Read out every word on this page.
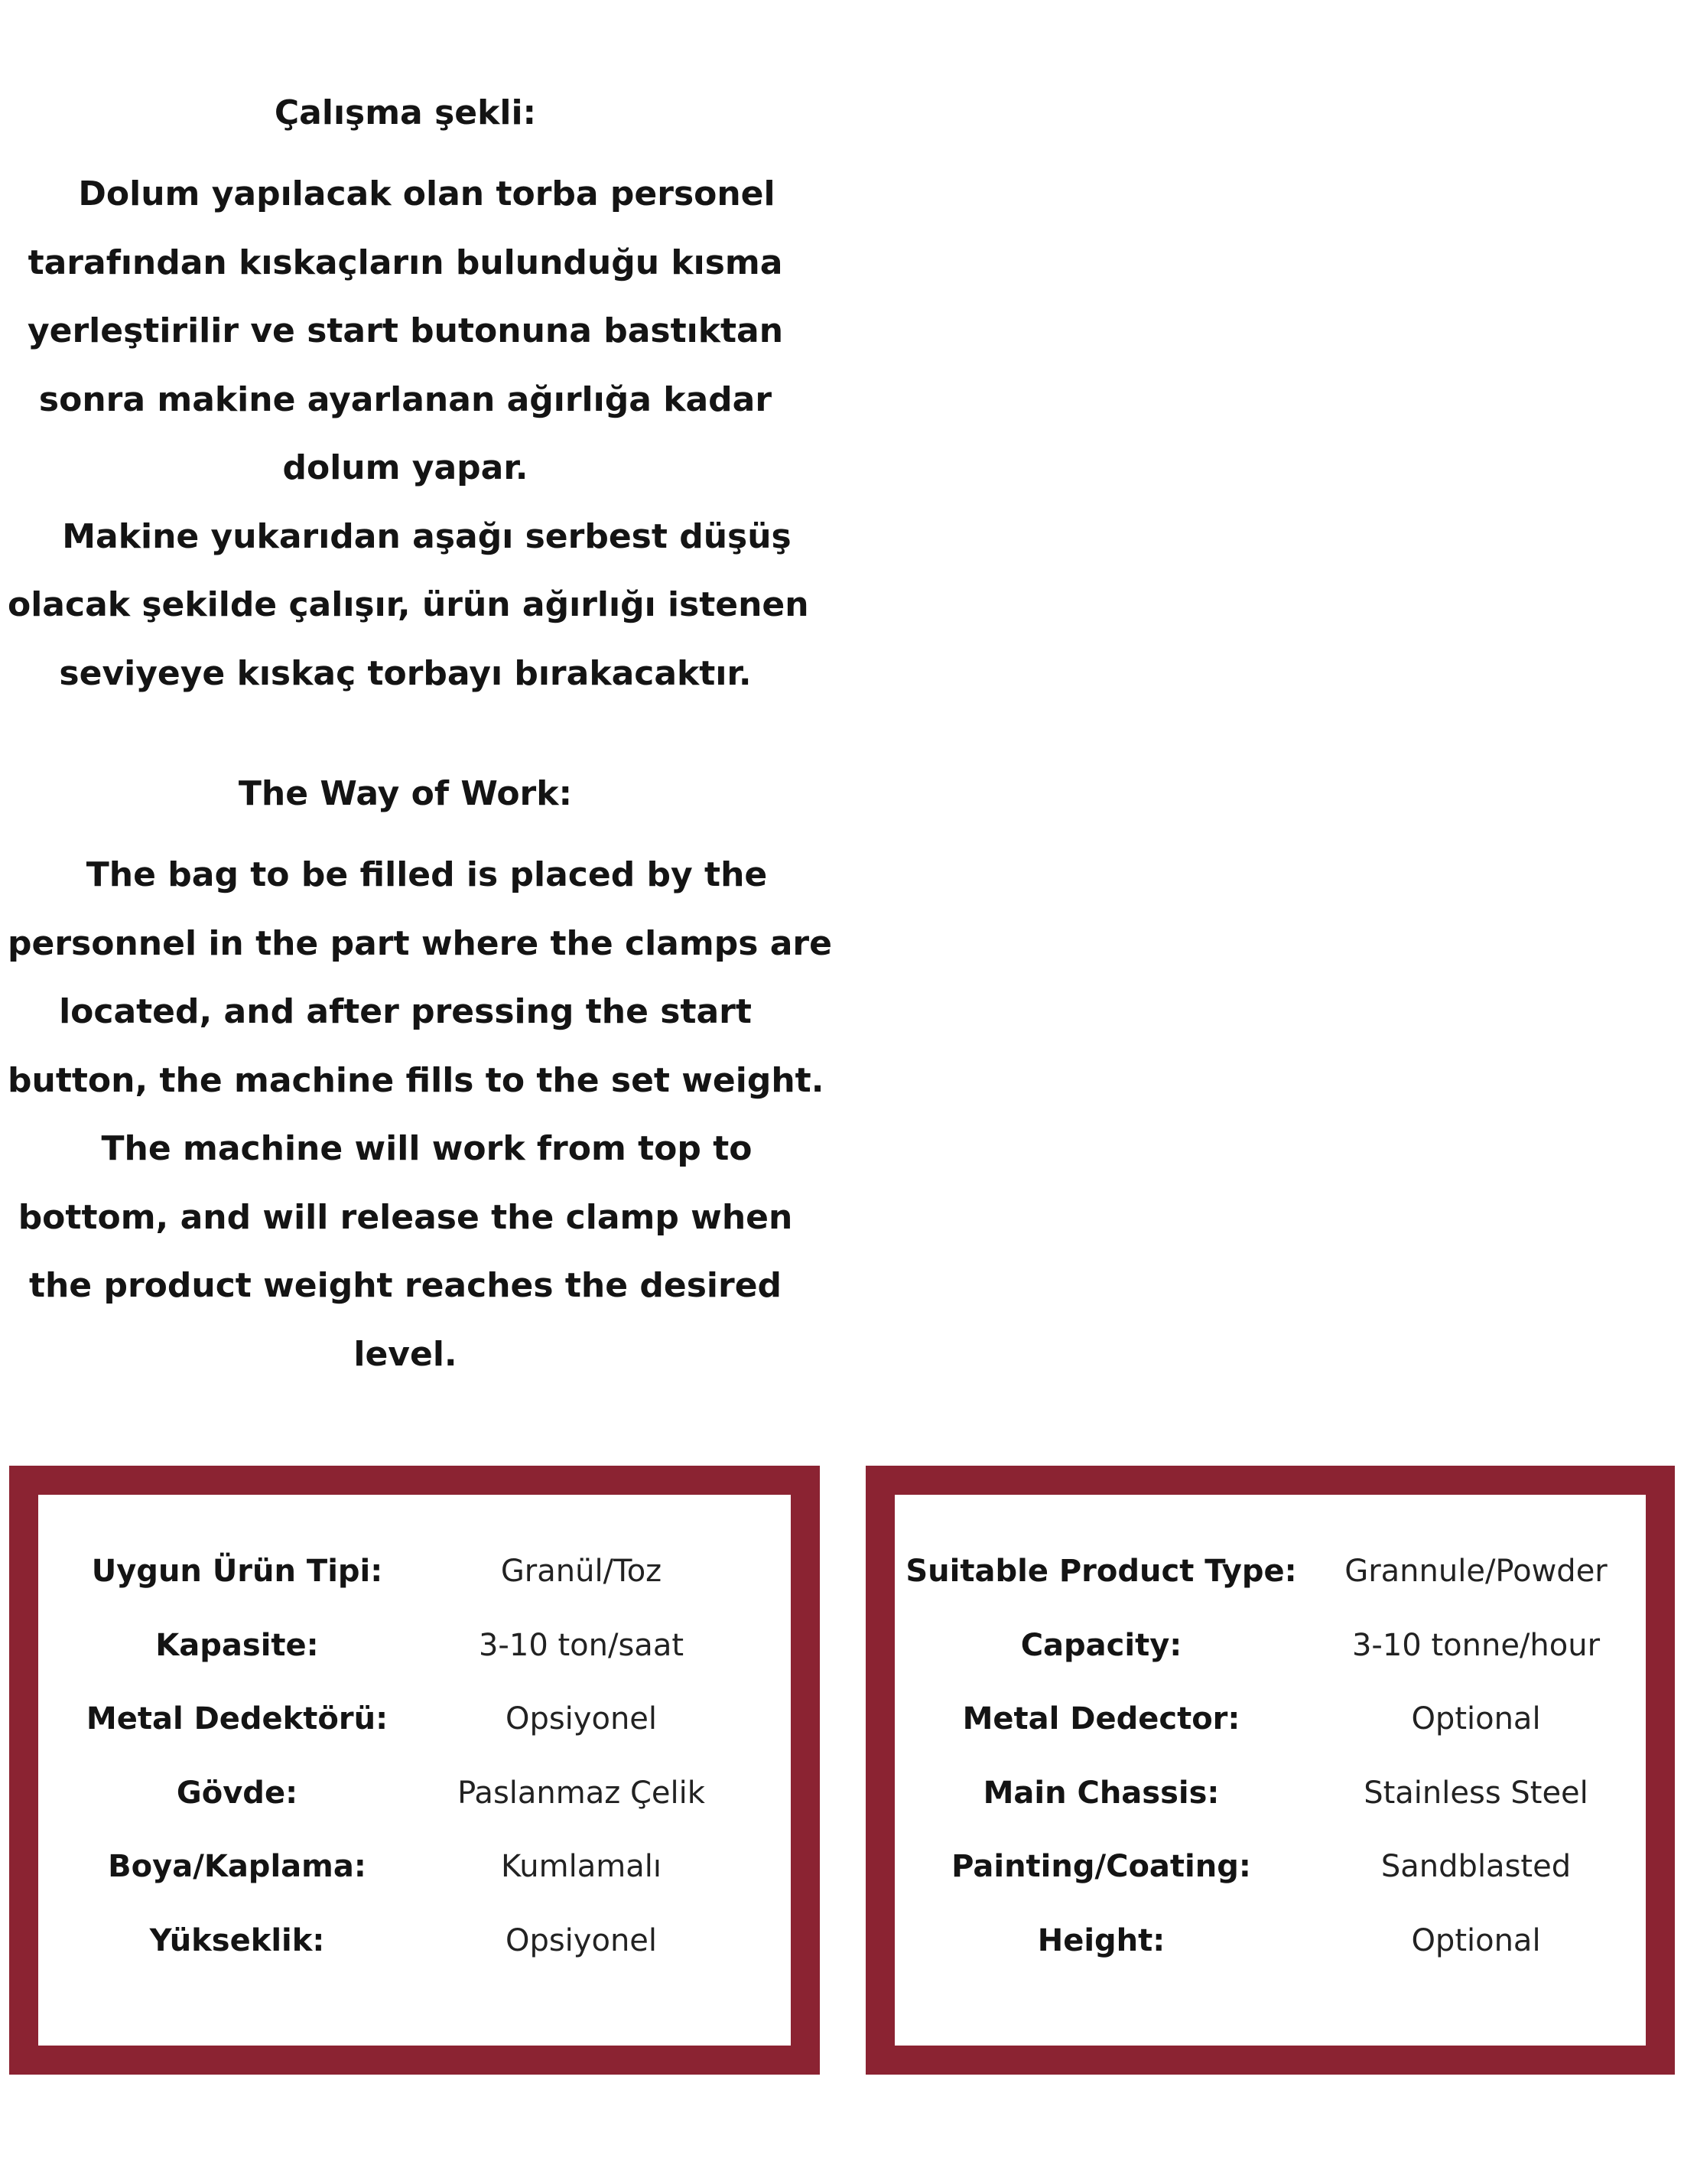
Çalışma şekli:
Dolum yapılacak olan torba personel
tarafından kıskaçların bulunduğu kısma
yerleştirilir ve start butonuna bastıktan
sonra makine ayarlanan ağırlığa kadar
dolum yapar.
Makine yukarıdan aşağı serbest düşüş
olacak şekilde çalışır, ürün ağırlığı istenen
seviyeye kıskaç torbayı bırakacaktır.
The Way of Work:
The bag to be filled is placed by the
personnel in the part where the clamps are
located, and after pressing the start
button, the machine fills to the set weight.
The machine will work from top to
bottom, and will release the clamp when
the product weight reaches the desired
level.
Uygun Ürün Tipi:	Granül/Toz
Kapasite:	3-10 ton/saat
Metal Dedektörü:	Opsiyonel
Gövde:	Paslanmaz Çelik
Boya/Kaplama:	Kumlamalı
Yükseklik:	Opsiyonel
Suitable Product Type:	Grannule/Powder
Capacity:	3-10 tonne/hour
Metal Dedector:	Optional
Main Chassis:	Stainless Steel
Painting/Coating:	Sandblasted
Height:	Optional
